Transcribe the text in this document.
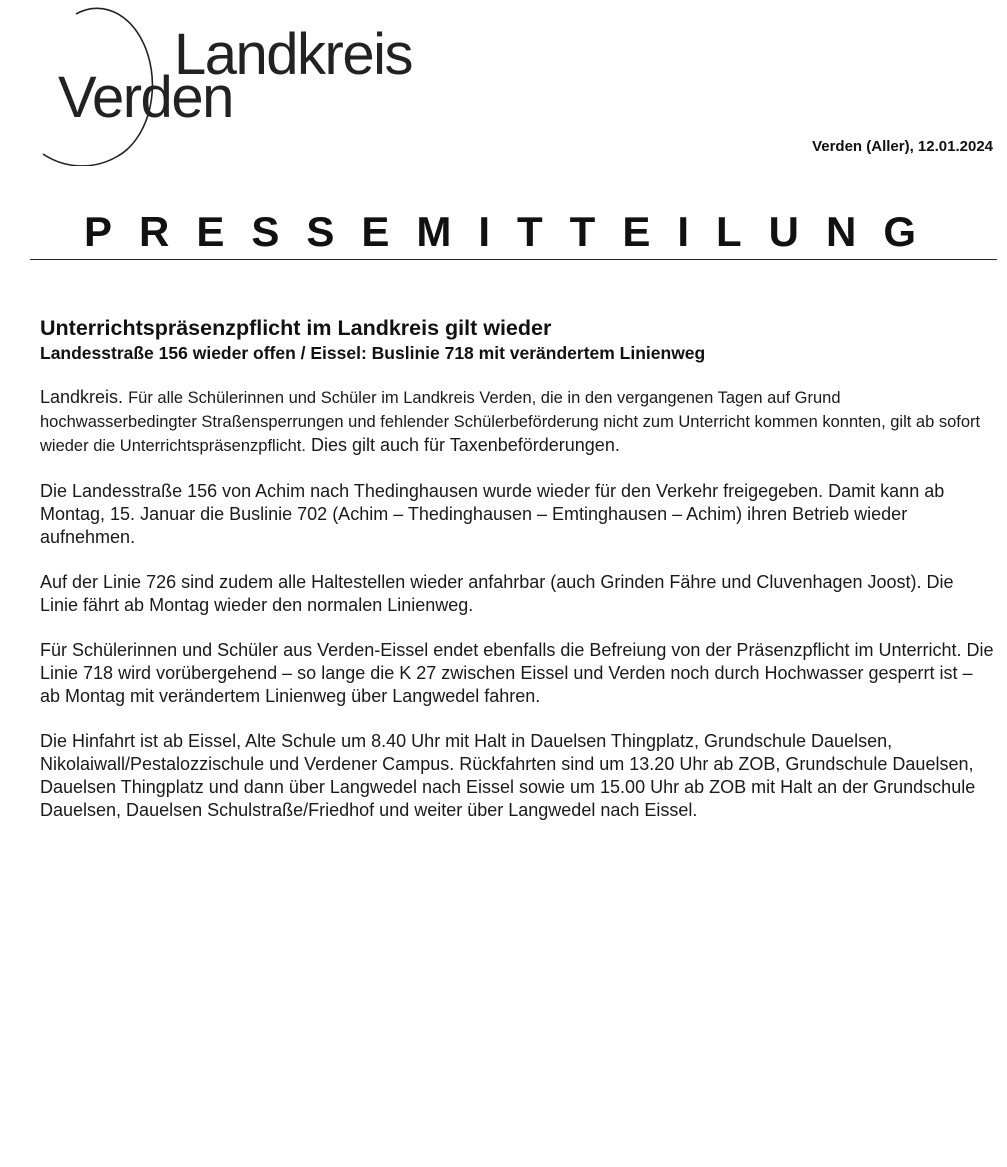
Landkreis
Verden
Verden (Aller), 12.01.2024
PRESSEMITTEILUNG
Unterrichtspräsenzpflicht im Landkreis gilt wieder
Landesstraße 156 wieder offen / Eissel: Buslinie 718 mit verändertem Linienweg

Landkreis. Für alle Schülerinnen und Schüler im Landkreis Verden, die in den vergangenen Tagen auf Grund hochwasserbedingter Straßensperrungen und fehlender Schülerbeförderung nicht zum Unterricht kommen konnten, gilt ab sofort wieder die Unterrichtspräsenzpflicht. Dies gilt auch für Taxenbeförderungen.

Die Landesstraße 156 von Achim nach Thedinghausen wurde wieder für den Verkehr freigegeben. Damit kann ab Montag, 15. Januar die Buslinie 702 (Achim – Thedinghausen – Emtinghausen – Achim) ihren Betrieb wieder aufnehmen.

Auf der Linie 726 sind zudem alle Haltestellen wieder anfahrbar (auch Grinden Fähre und Cluvenhagen Joost). Die Linie fährt ab Montag wieder den normalen Linienweg.

Für Schülerinnen und Schüler aus Verden-Eissel endet ebenfalls die Befreiung von der Präsenzpflicht im Unterricht. Die Linie 718 wird vorübergehend – so lange die K 27 zwischen Eissel und Verden noch durch Hochwasser gesperrt ist – ab Montag mit verändertem Linienweg über Langwedel fahren.

Die Hinfahrt ist ab Eissel, Alte Schule um 8.40 Uhr mit Halt in Dauelsen Thingplatz, Grundschule Dauelsen, Nikolaiwall/Pestalozzischule und Verdener Campus. Rückfahrten sind um 13.20 Uhr ab ZOB, Grundschule Dauelsen, Dauelsen Thingplatz und dann über Langwedel nach Eissel sowie um 15.00 Uhr ab ZOB mit Halt an der Grundschule Dauelsen, Dauelsen Schulstraße/Friedhof und weiter über Langwedel nach Eissel.
